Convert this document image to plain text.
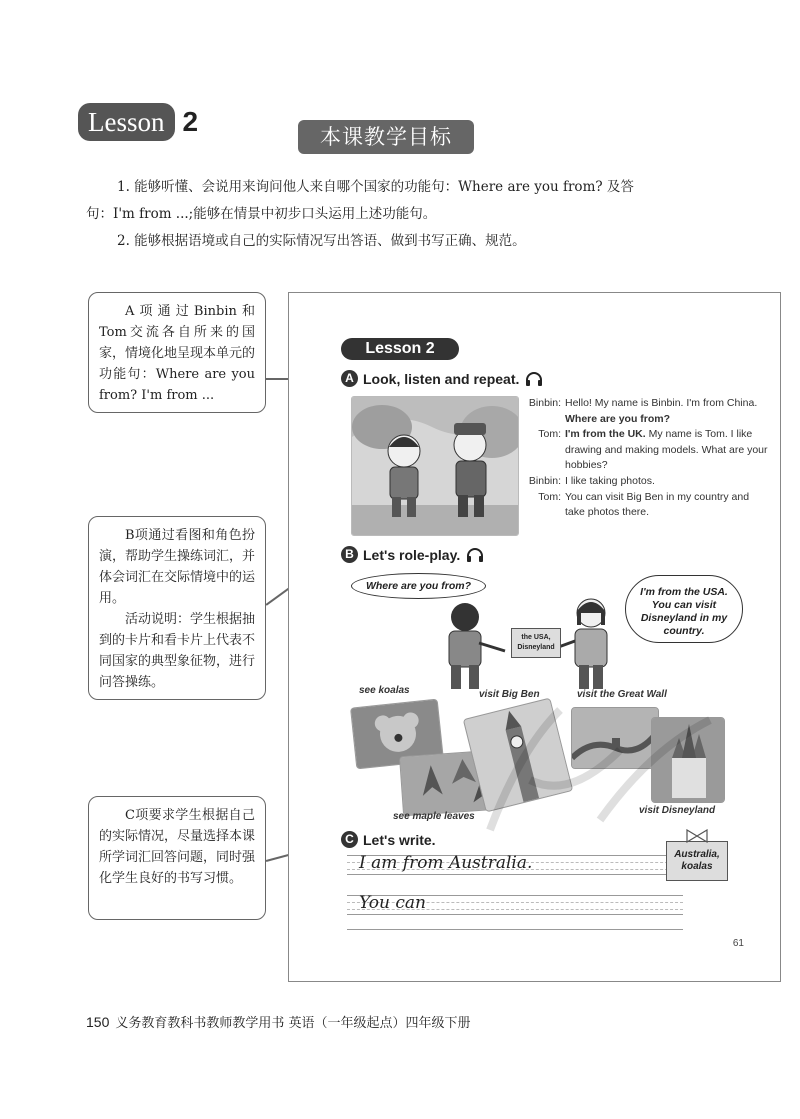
Lesson 2	本课教学目标
1. 能够听懂、会说用来询问他人来自哪个国家的功能句：Where are you from? 及答
句：I'm from ...;能够在情景中初步口头运用上述功能句。
2. 能够根据语境或自己的实际情况写出答语、做到书写正确、规范。

A项通过Binbin和Tom交流各自所来的国家，情境化地呈现本单元的功能句：Where are you from? I'm from ...

B项通过看图和角色扮演，帮助学生操练词汇，并体会词汇在交际情境中的运用。

活动说明：学生根据抽到的卡片和看卡片上代表不同国家的典型象征物，进行问答操练。

C项要求学生根据自己的实际情况，尽量选择本课所学词汇回答问题，同时强化学生良好的书写习惯。

Lesson 2
A Look, listen and repeat.
Binbin: Hello! My name is Binbin. I'm from China. Where are you from?
Tom: I'm from the UK. My name is Tom. I like drawing and making models. What are your hobbies?
Binbin: I like taking photos.
Tom: You can visit Big Ben in my country and take photos there.
B Let's role-play.
Where are you from?	I'm from the USA. You can visit Disneyland in my country.
the USA, Disneyland
see koalas	visit Big Ben	visit the Great Wall
see maple leaves
visit Disneyland
C Let's write.
I am from Australia.
You can
Australia, koalas
61
150 义务教育教科书教师教学用书 英语（一年级起点）四年级下册
